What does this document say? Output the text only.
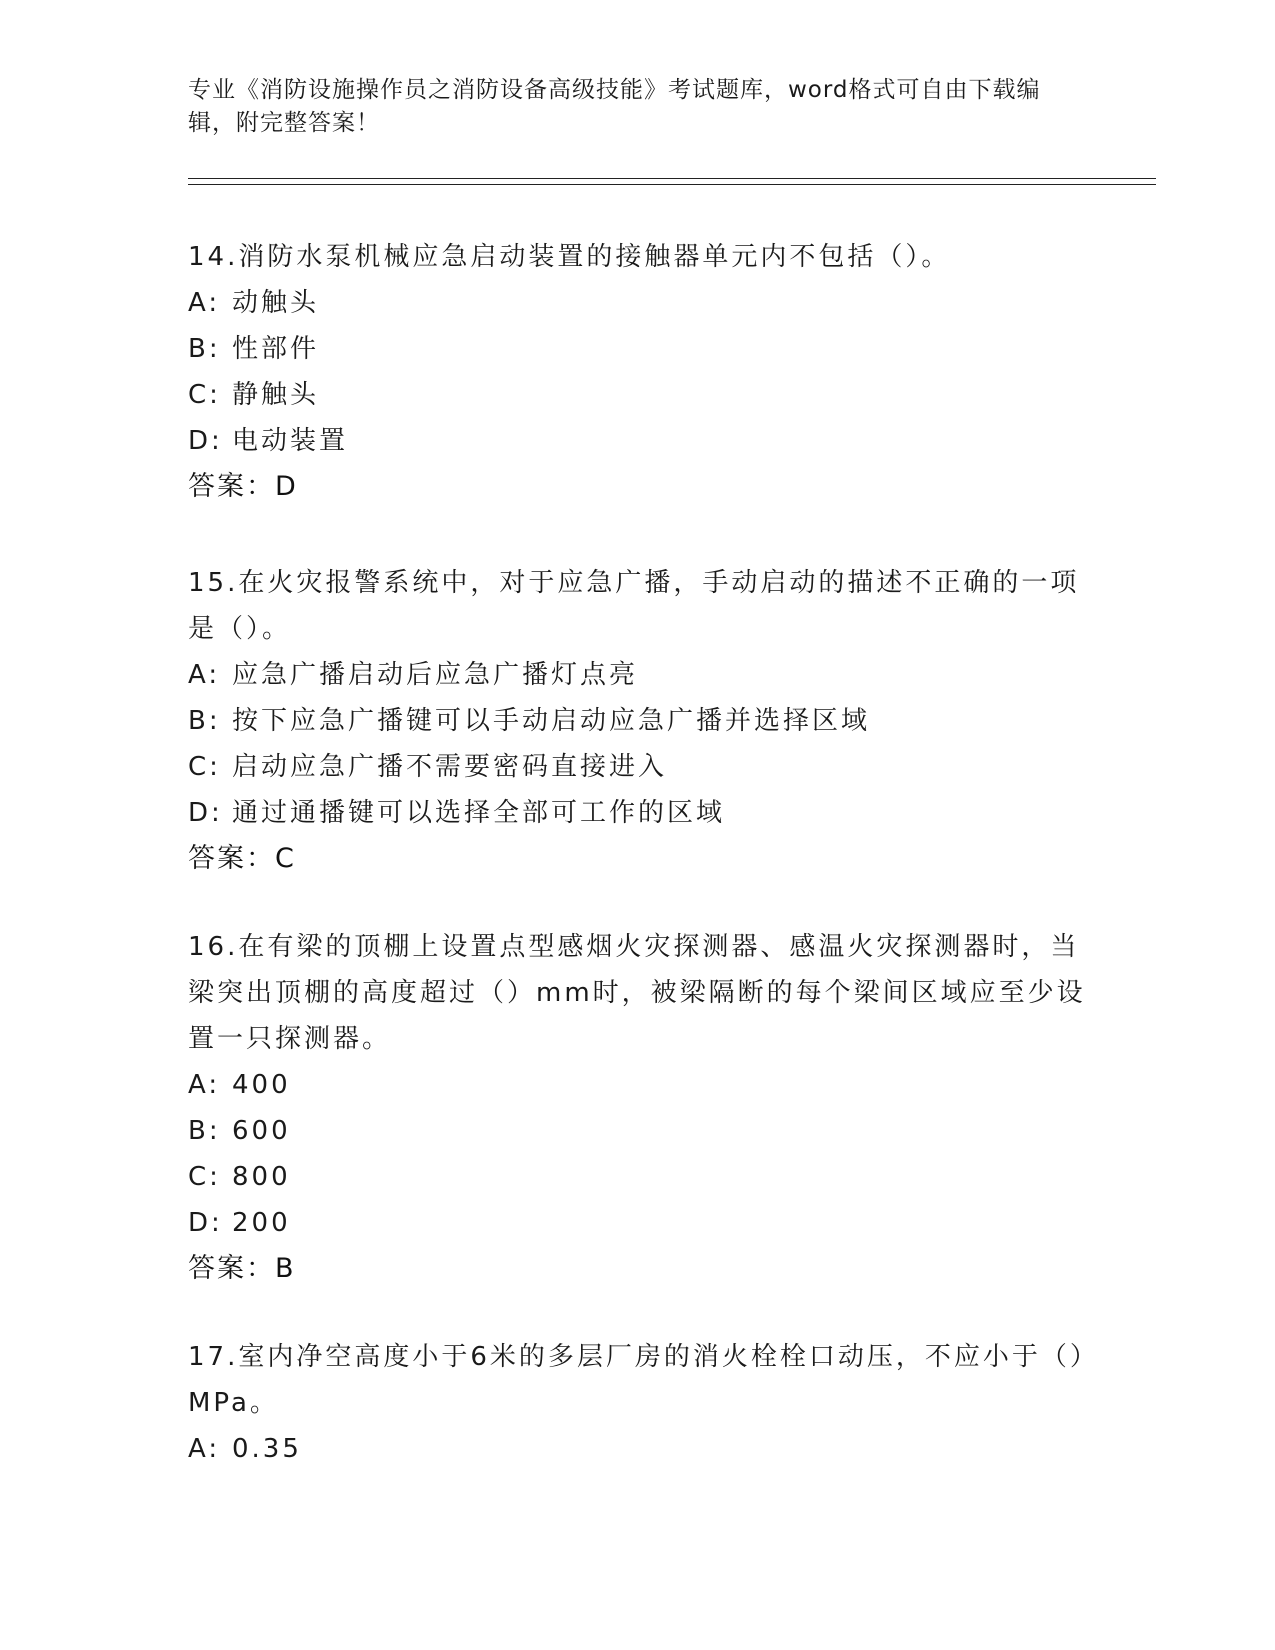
专业《消防设施操作员之消防设备高级技能》考试题库，word格式可自由下载编辑，附完整答案！

14.消防水泵机械应急启动装置的接触器单元内不包括（）。

A: 动触头

B: 性部件

C: 静触头

D: 电动装置

答案：D

15.在火灾报警系统中，对于应急广播，手动启动的描述不正确的一项是（）。

A: 应急广播启动后应急广播灯点亮

B: 按下应急广播键可以手动启动应急广播并选择区域

C: 启动应急广播不需要密码直接进入

D: 通过通播键可以选择全部可工作的区域

答案：C

16.在有梁的顶棚上设置点型感烟火灾探测器、感温火灾探测器时，当梁突出顶棚的高度超过（）mm时，被梁隔断的每个梁间区域应至少设置一只探测器。

A: 400

B: 600

C: 800

D: 200

答案：B

17.室内净空高度小于6米的多层厂房的消火栓栓口动压，不应小于（）MPa。

A: 0.35
